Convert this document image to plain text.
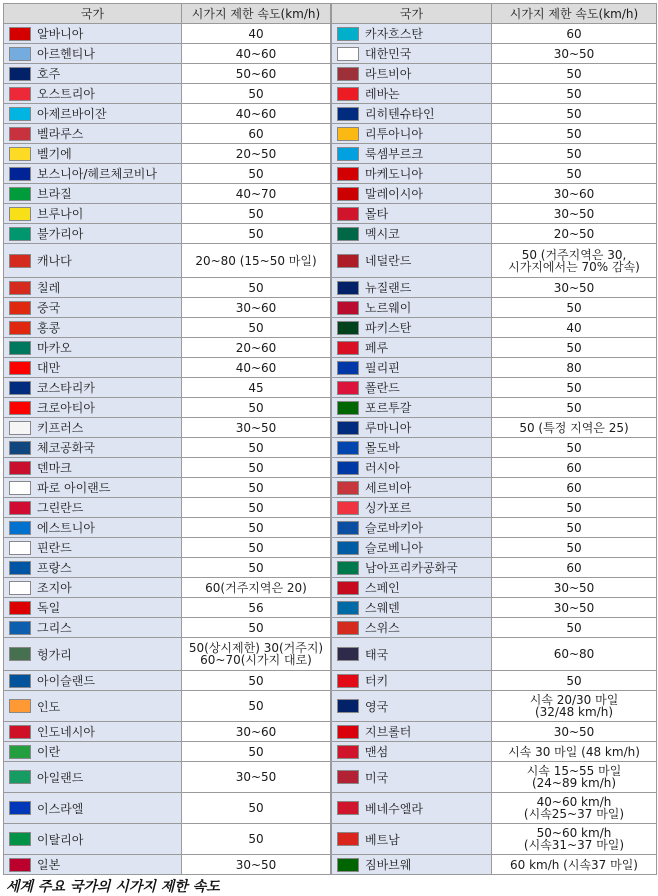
국가	시가지 제한 속도(km/h)

알바니아	40

아르헨티나	40~60

호주	50~60

오스트리아	50

아제르바이잔	40~60

벨라루스	60

벨기에	20~50

보스니아/헤르체코비나	50

브라질	40~70

브루나이	50

불가리아	50

캐나다	20~80 (15~50 마일)

칠레	50

중국	30~60

홍콩	50

마카오	20~60

대만	40~60

코스타리카	45

크로아티아	50

키프러스	30~50

체코공화국	50

덴마크	50

파로 아이랜드	50

그린란드	50

에스트니아	50

핀란드	50

프랑스	50

조지아	60(거주지역은 20)

독일	56

그리스	50

헝가리	50(상시제한) 30(거주지)
60~70(시가지 대로)

아이슬랜드	50

인도	50

인도네시아	30~60

이란	50

아일랜드	30~50

이스라엘	50

이탈리아	50

일본	30~50
국가	시가지 제한 속도(km/h)

카자흐스탄	60

대한민국	30~50

라트비아	50

레바논	50

리히텐슈타인	50

리투아니아	50

룩셈부르크	50

마케도니아	50

말레이시아	30~60

몰타	30~50

멕시코	20~50

네덜란드	50 (거주지역은 30,
시가지에서는 70% 감속)

뉴질랜드	30~50

노르웨이	50

파키스탄	40

페루	50

필리핀	80

폴란드	50

포르투갈	50

루마니아	50 (특정 지역은 25)

몰도바	50

러시아	60

세르비아	60

싱가포르	50

슬로바키아	50

슬로베니아	50

남아프리카공화국	60

스페인	30~50

스웨덴	30~50

스위스	50

태국	60~80

터키	50

영국	시속 20/30 마일
(32/48 km/h)

지브롤터	30~50

맨섬	시속 30 마일 (48 km/h)

미국	시속 15~55 마일
(24~89 km/h)

베네수엘라	40~60 km/h
(시속25~37 마일)

베트남	50~60 km/h
(시속31~37 마일)

짐바브웨	60 km/h (시속37 마일)
세계 주요 국가의 시가지 제한 속도
